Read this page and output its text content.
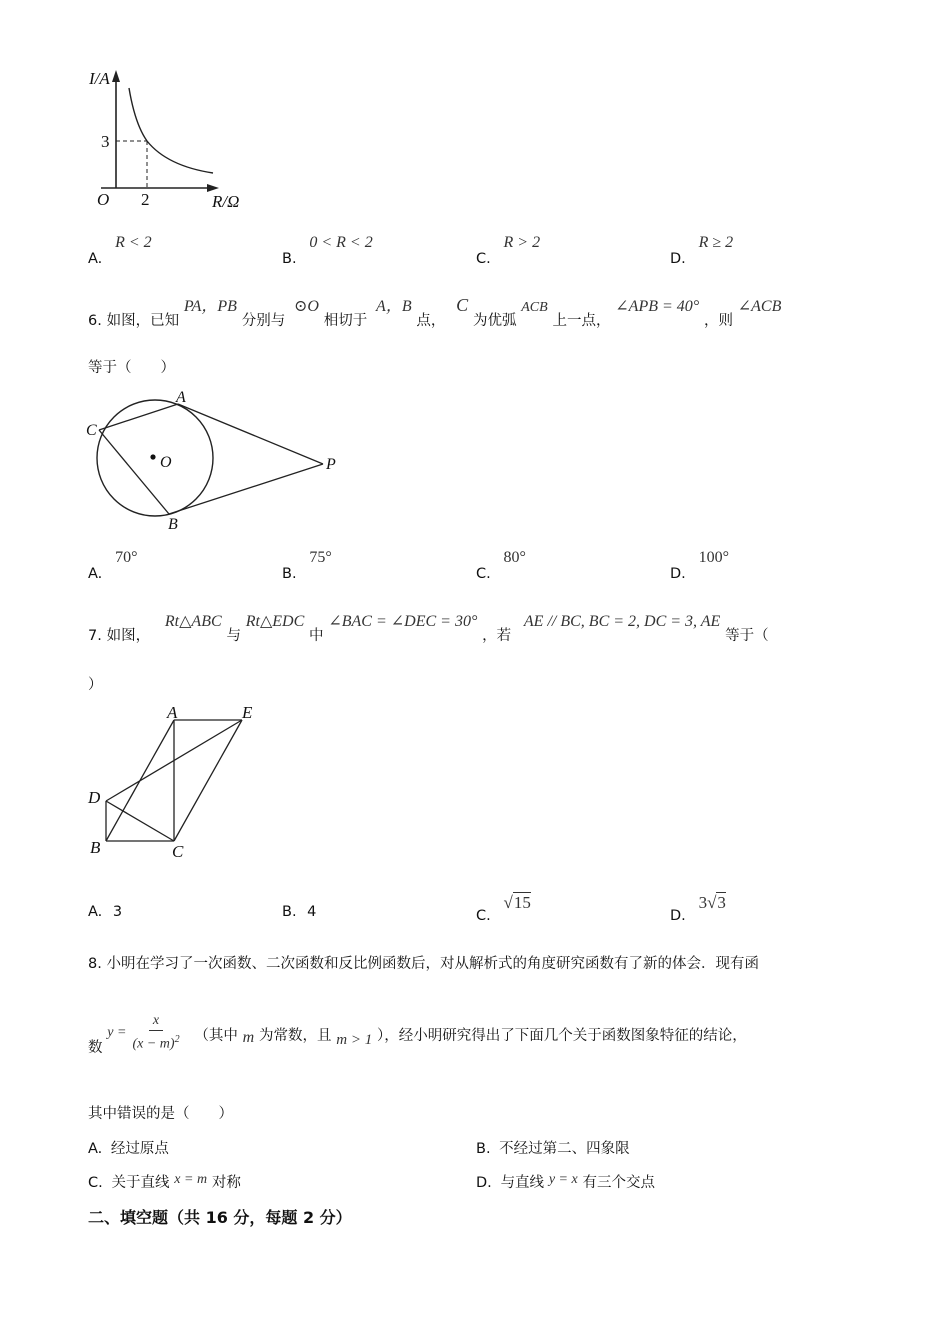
I/A
3
O 2	R/Ω
A. R < 2
B. 0 < R < 2
C. R > 2
D. R ≥ 2
6. 如图，已知 PA，PB 分别与 ⊙O 相切于 A，B 点， C 为优弧 ACB 上一点， ∠APB = 40° ，则 ∠ACB
等于（　　）
A
C
O	P
B
A. 70°
B. 75°
C. 80°
D. 100°
7. 如图， Rt△ABC 与 Rt△EDC 中 ∠BAC = ∠DEC = 30° ，若 AE // BC, BC = 2, DC = 3, AE 等于（
）
A	E
D
B	C
A. 3	B. 4	C. √15
D. 3√3
8. 小明在学习了一次函数、二次函数和反比例函数后，对从解析式的角度研究函数有了新的体会．现有函
数
$y = \frac{x}{(x - m)^2}$ （其中 m 为常数，且 m > 1 ），经小明研究得出了下面几个关于函数图象特征的结论，
其中错误的是（　　）
A. 经过原点	B. 不经过第二、四象限
C. 关于直线 x = m 对称	D. 与直线 y = x 有三个交点
二、填空题（共 16 分，每题 2 分）
